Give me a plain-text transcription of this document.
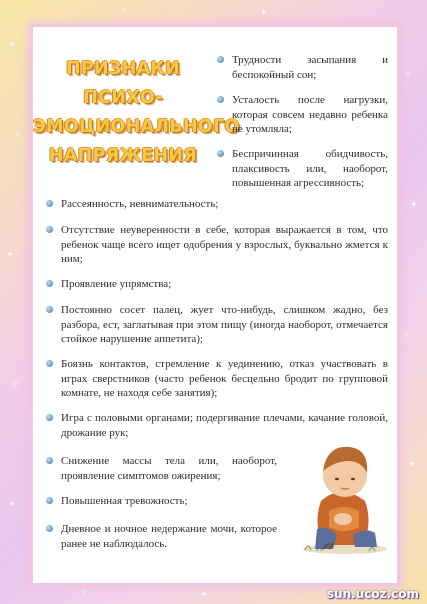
✦
✧
✦
✧
✦
✧
✦
✧
✦
✧	✦
✧	✦
ПРИЗНАКИ
ПСИХО-
ЭМОЦИОНАЛЬНОГО
НАПРЯЖЕНИЯ
Трудности засыпания и беспокойный сон;
Усталость после нагрузки, которая совсем недавно ребенка не утомляла;
Беспричинная обидчивость, плаксивость или, наоборот, повышенная агрессивность;
Рассеянность, невнимательность;
Отсутствие неуверенности в себе, которая выражается в том, что ребенок чаще всего ищет одобрения у взрослых, буквально жмется к ним;
Проявление упрямства;
Постоянно сосет палец, жует что-нибудь, слишком жадно, без разбора, ест, заглатывая при этом пищу (иногда наоборот, отмечается стойкое нарушение аппетита);
Боязнь контактов, стремление к уединению, отказ участвовать в играх сверстников (часто ребенок бесцельно бродит по групповой комнате, не находя себе занятия);
Игра с половыми органами; подергивание плечами, качание головой, дрожание рук;
Снижение массы тела или, наоборот, проявление симптомов ожирения;
Повышенная тревожность;
Дневное и ночное недержание мочи, которое ранее не наблюдалось.
sun.ucoz.com
